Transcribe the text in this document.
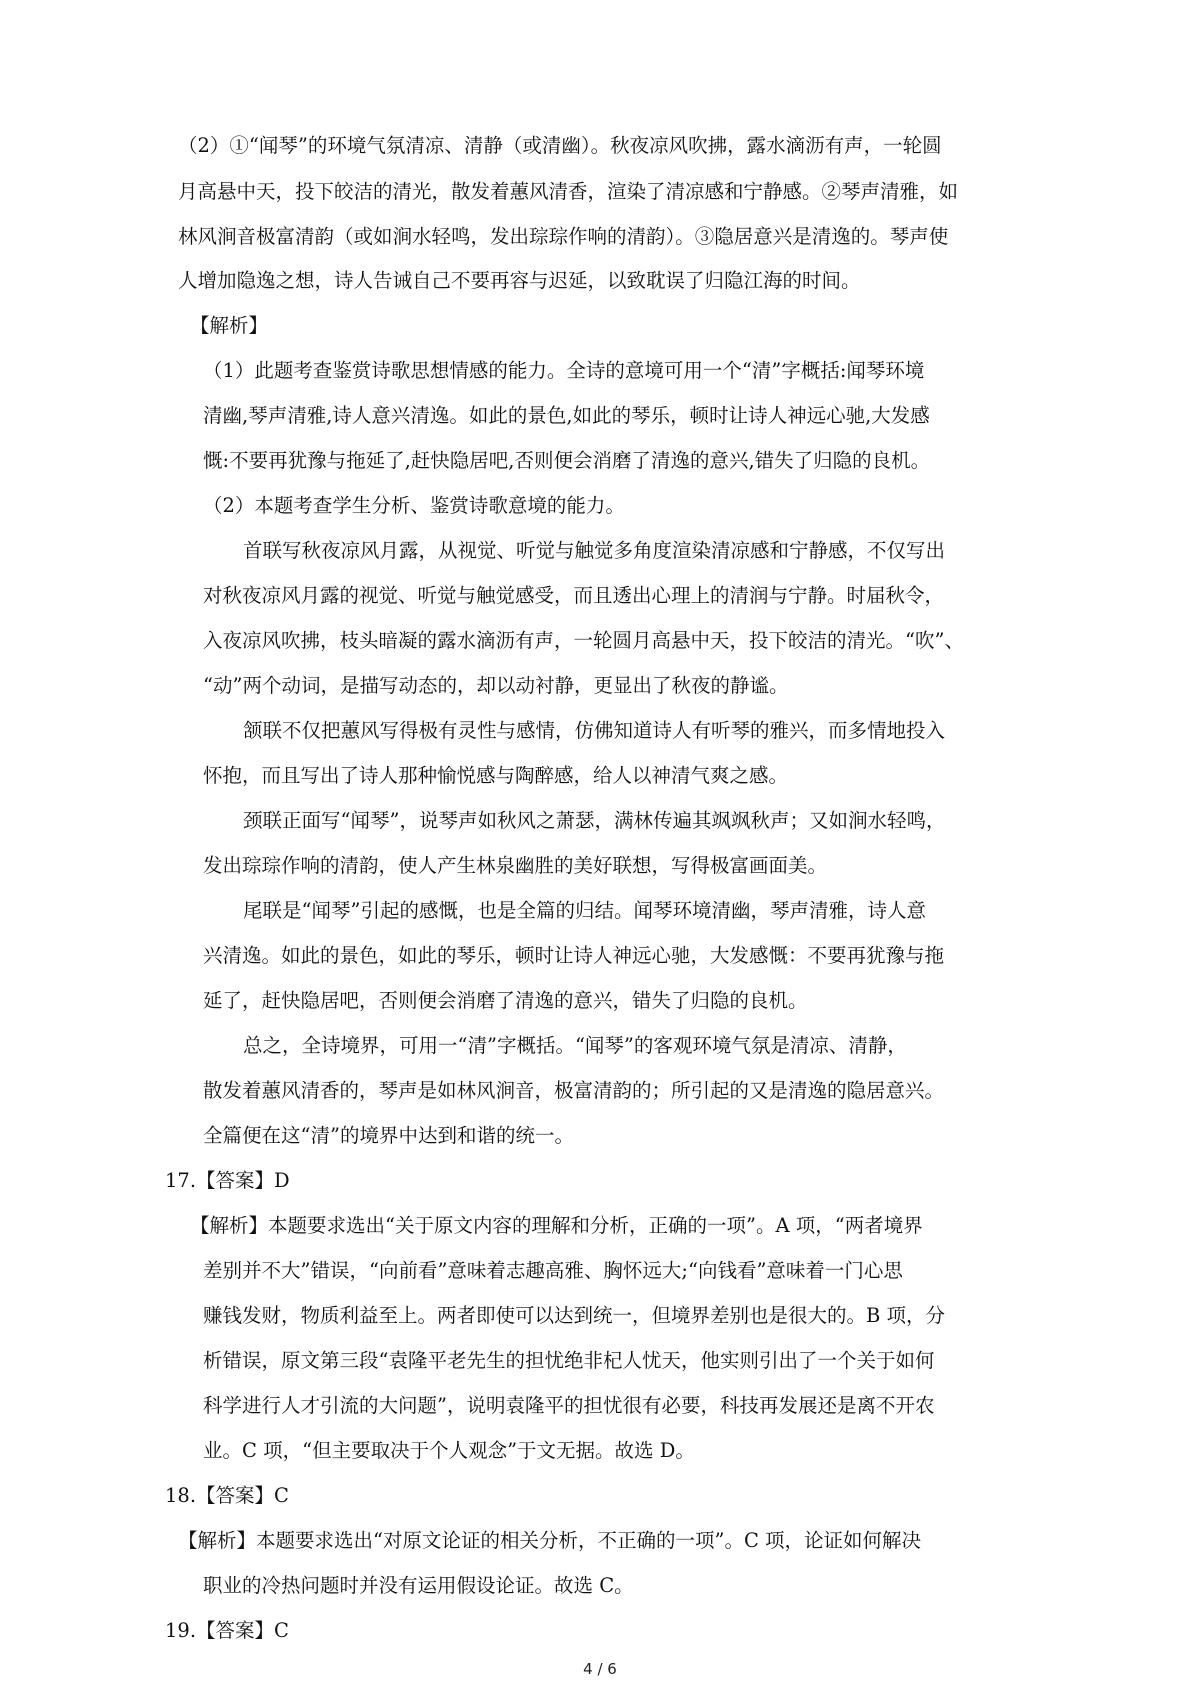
（2）①“闻琴”的环境气氛清凉、清静（或清幽）。秋夜凉风吹拂，露水滴沥有声，一轮圆
月高悬中天，投下皎洁的清光，散发着蕙风清香，渲染了清凉感和宁静感。②琴声清雅，如
林风涧音极富清韵（或如涧水轻鸣，发出琮琮作响的清韵）。③隐居意兴是清逸的。琴声使
人增加隐逸之想，诗人告诫自己不要再容与迟延，以致耽误了归隐江海的时间。
【解析】
（1）此题考查鉴赏诗歌思想情感的能力。全诗的意境可用一个“清”字概括:闻琴环境
清幽,琴声清雅,诗人意兴清逸。如此的景色,如此的琴乐，顿时让诗人神远心驰,大发感
慨:不要再犹豫与拖延了,赶快隐居吧,否则便会消磨了清逸的意兴,错失了归隐的良机。
（2）本题考查学生分析、鉴赏诗歌意境的能力。
首联写秋夜凉风月露，从视觉、听觉与触觉多角度渲染清凉感和宁静感，不仅写出
对秋夜凉风月露的视觉、听觉与触觉感受，而且透出心理上的清润与宁静。时届秋令，
入夜凉风吹拂，枝头暗凝的露水滴沥有声，一轮圆月高悬中天，投下皎洁的清光。“吹”、
“动”两个动词，是描写动态的，却以动衬静，更显出了秋夜的静谧。
颔联不仅把蕙风写得极有灵性与感情，仿佛知道诗人有听琴的雅兴，而多情地投入
怀抱，而且写出了诗人那种愉悦感与陶醉感，给人以神清气爽之感。
颈联正面写“闻琴”，说琴声如秋风之萧瑟，满林传遍其飒飒秋声；又如涧水轻鸣，
发出琮琮作响的清韵，使人产生林泉幽胜的美好联想，写得极富画面美。
尾联是“闻琴”引起的感慨，也是全篇的归结。闻琴环境清幽，琴声清雅，诗人意
兴清逸。如此的景色，如此的琴乐，顿时让诗人神远心驰，大发感慨：不要再犹豫与拖
延了，赶快隐居吧，否则便会消磨了清逸的意兴，错失了归隐的良机。
总之，全诗境界，可用一“清”字概括。“闻琴”的客观环境气氛是清凉、清静，
散发着蕙风清香的，琴声是如林风涧音，极富清韵的；所引起的又是清逸的隐居意兴。
全篇便在这“清”的境界中达到和谐的统一。
17.【答案】D
【解析】本题要求选出“关于原文内容的理解和分析，正确的一项”。A 项，“两者境界
差别并不大”错误，“向前看”意味着志趣高雅、胸怀远大;“向钱看”意味着一门心思
赚钱发财，物质利益至上。两者即使可以达到统一，但境界差别也是很大的。B 项，分
析错误，原文第三段“袁隆平老先生的担忧绝非杞人忧天，他实则引出了一个关于如何
科学进行人才引流的大问题”，说明袁隆平的担忧很有必要，科技再发展还是离不开农
业。C 项，“但主要取决于个人观念”于文无据。故选 D。
18.【答案】C
【解析】本题要求选出“对原文论证的相关分析，不正确的一项”。C 项，论证如何解决
职业的冷热问题时并没有运用假设论证。故选 C。
19.【答案】C
4 / 6
